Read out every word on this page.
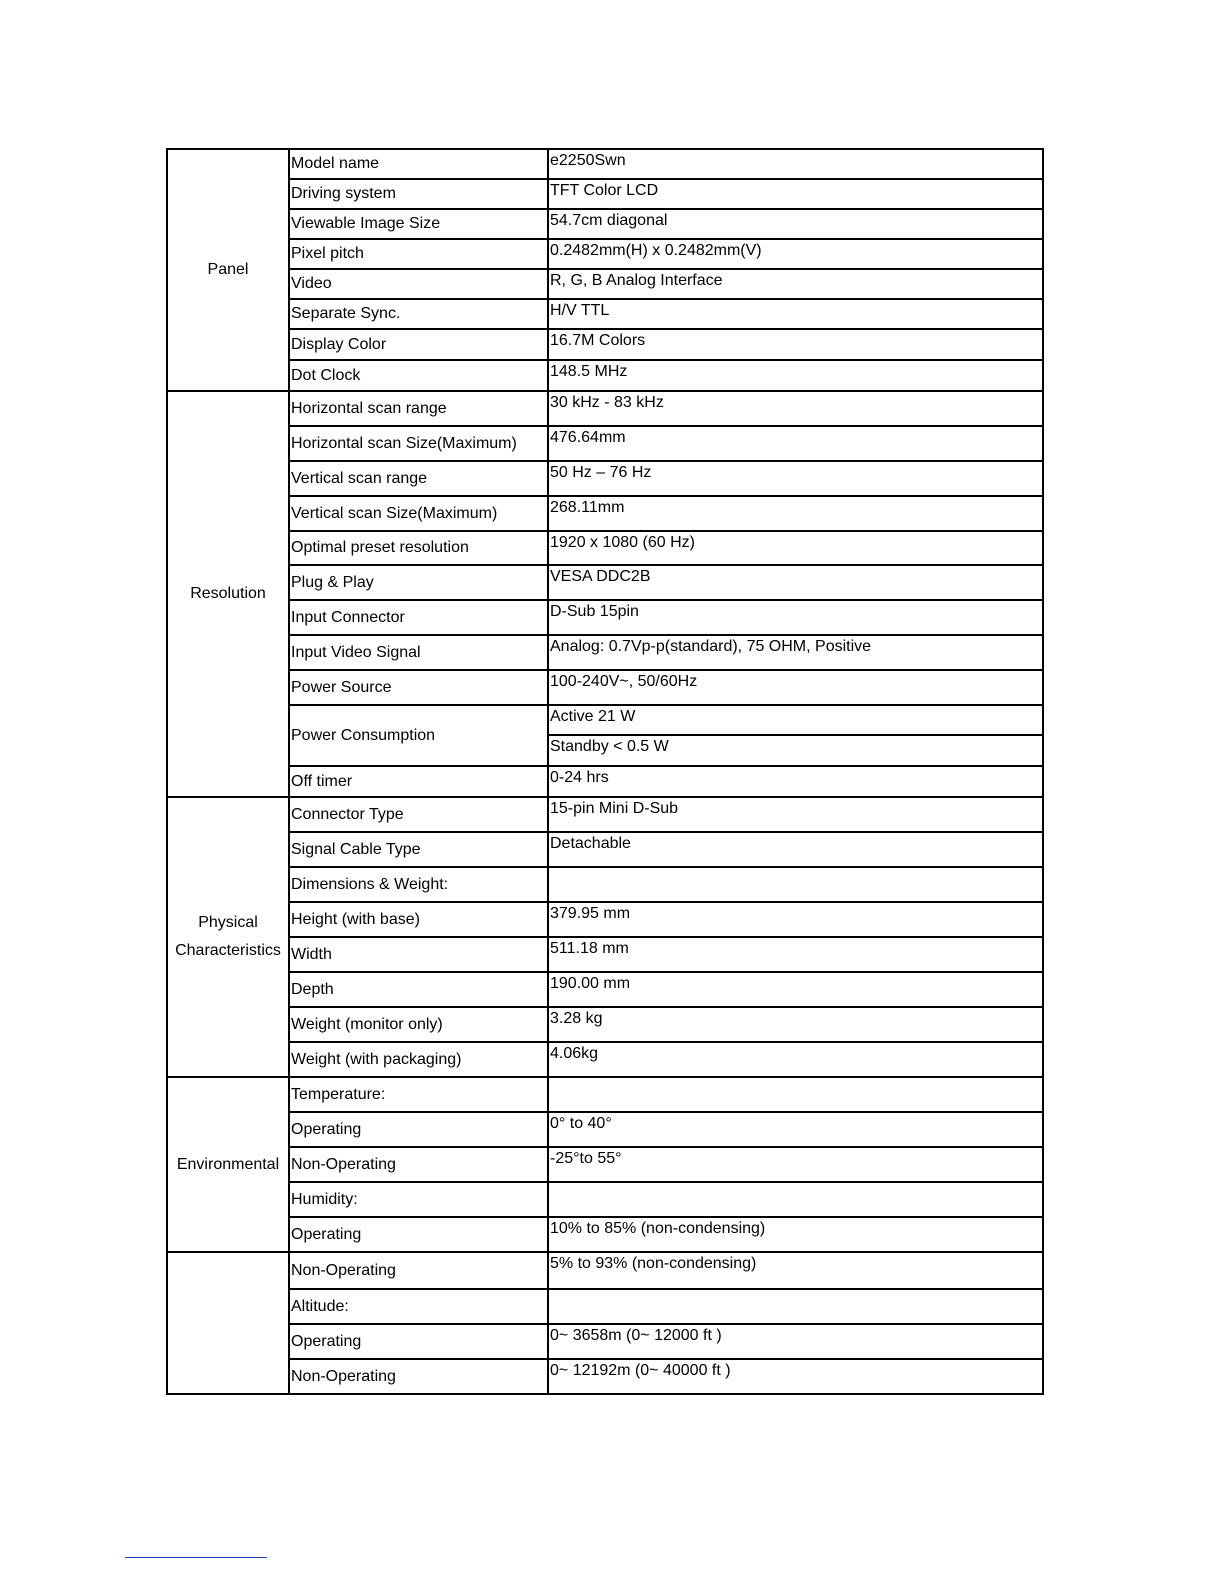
Panel	Model name	e2250Swn
	Driving system	TFT Color LCD
	Viewable Image Size	54.7cm diagonal
	Pixel pitch	0.2482mm(H) x 0.2482mm(V)
	Video	R, G, B Analog Interface
	Separate Sync.	H/V TTL
	Display Color	16.7M Colors
	Dot Clock	148.5 MHz
Resolution	Horizontal scan range	30 kHz - 83 kHz
	Horizontal scan Size(Maximum)	476.64mm
	Vertical scan range	50 Hz – 76 Hz
	Vertical scan Size(Maximum)	268.11mm
	Optimal preset resolution	1920 x 1080 (60 Hz)
	Plug & Play	VESA DDC2B
	Input Connector	D-Sub 15pin
	Input Video Signal	Analog: 0.7Vp-p(standard), 75 OHM, Positive
	Power Source	100-240V~, 50/60Hz
	Power Consumption	Active 21 W
		Standby < 0.5 W
	Off timer	0-24 hrs
Physical Characteristics	Connector Type	15-pin Mini D-Sub
	Signal Cable Type	Detachable
	Dimensions & Weight:	
	Height (with base)	379.95 mm
	Width	511.18 mm
	Depth	190.00 mm
	Weight (monitor only)	3.28 kg
	Weight (with packaging)	4.06kg
Environmental	Temperature:	
	Operating	0° to 40°
	Non-Operating	-25°to 55°
	Humidity:	
	Operating	10% to 85% (non-condensing)
	Non-Operating	5% to 93% (non-condensing)
	Altitude:	
	Operating	0~ 3658m (0~ 12000 ft )
	Non-Operating	0~ 12192m (0~ 40000 ft )
